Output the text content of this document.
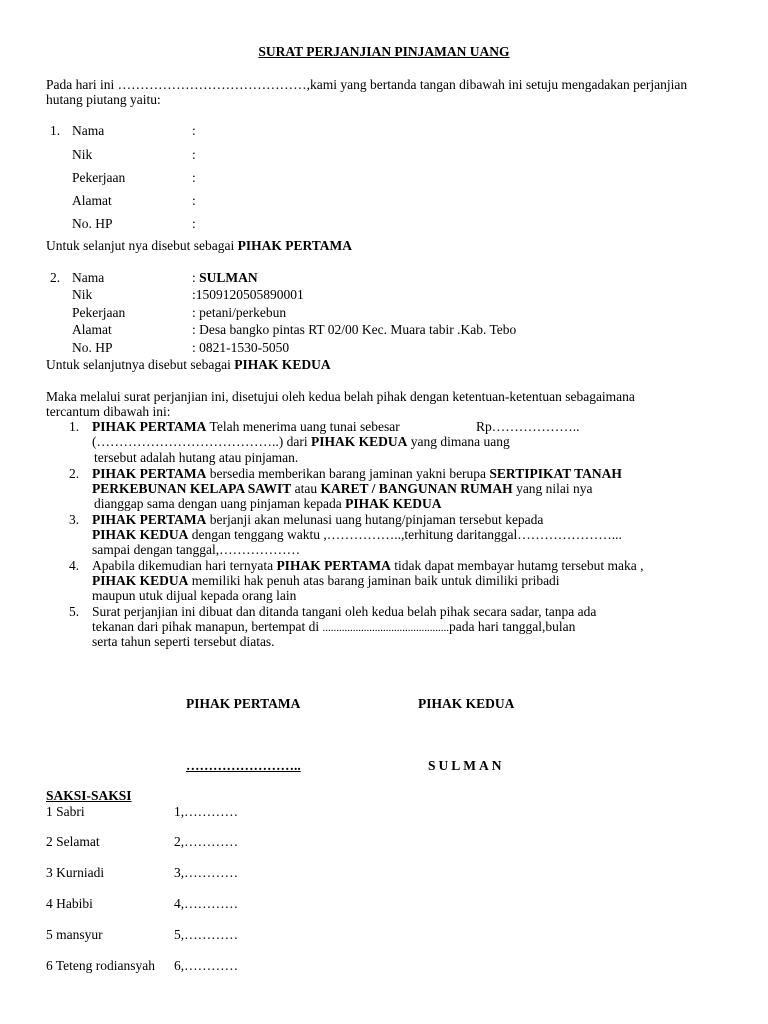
SURAT PERJANJIAN PINJAMAN UANG
Pada hari ini ……………………………………,kami yang bertanda tangan dibawah ini setuju mengadakan perjanjian
hutang piutang yaitu:
1. Nama	:
Nik	:
Pekerjaan	:
Alamat	:
No. HP	:
Untuk selanjut nya disebut sebagai PIHAK PERTAMA
2. Nama	: SULMAN
Nik	:1509120505890001
Pekerjaan	: petani/perkebun
Alamat	: Desa bangko pintas RT 02/00 Kec. Muara tabir .Kab. Tebo
No. HP	: 0821-1530-5050
Untuk selanjutnya disebut sebagai PIHAK KEDUA
Maka melalui surat perjanjian ini, disetujui oleh kedua belah pihak dengan ketentuan-ketentuan sebagaimana
tercantum dibawah ini:
1. PIHAK PERTAMA Telah menerima uang tunai sebesar	Rp………………..
(…………………………………..) dari PIHAK KEDUA yang dimana uang
tersebut adalah hutang atau pinjaman.
2. PIHAK PERTAMA bersedia memberikan barang jaminan yakni berupa SERTIPIKAT TANAH
PERKEBUNAN KELAPA SAWIT atau KARET / BANGUNAN RUMAH yang nilai nya
dianggap sama dengan uang pinjaman kepada PIHAK KEDUA
3. PIHAK PERTAMA berjanji akan melunasi uang hutang/pinjaman tersebut kepada
PIHAK KEDUA dengan tenggang waktu ,……………..,terhitung daritanggal…………………...
sampai dengan tanggal,………………
4. Apabila dikemudian hari ternyata PIHAK PERTAMA tidak dapat membayar hutamg tersebut maka ,
PIHAK KEDUA memiliki hak penuh atas barang jaminan baik untuk dimiliki pribadi
maupun utuk dijual kepada orang lain
5. Surat perjanjian ini dibuat dan ditanda tangani oleh kedua belah pihak secara sadar, tanpa ada
tekanan dari pihak manapun, bertempat di ..............................................pada hari tanggal,bulan
serta tahun seperti tersebut diatas.
PIHAK PERTAMA	PIHAK KEDUA
……………………..	SULMAN
SAKSI-SAKSI
1 Sabri	1,…………
2 Selamat	2,…………
3 Kurniadi	3,…………
4 Habibi	4,…………
5 mansyur	5,…………
6 Teteng rodiansyah 6,…………
